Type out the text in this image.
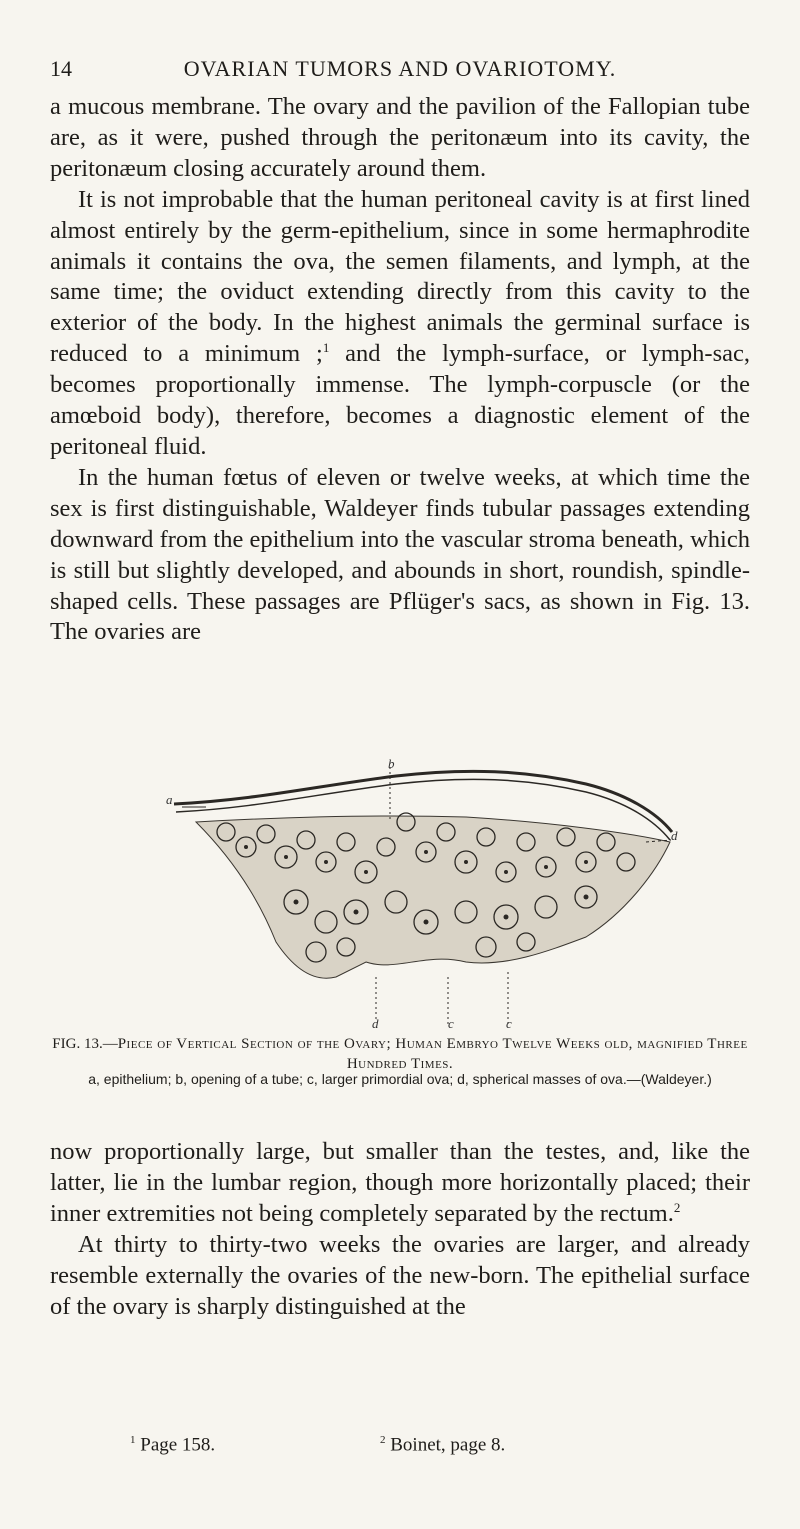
14	OVARIAN TUMORS AND OVARIOTOMY.

a mucous membrane. The ovary and the pavilion of the Fallopian tube are, as it were, pushed through the peritonæum into its cavity, the peritonæum closing accurately around them.

It is not improbable that the human peritoneal cavity is at first lined almost entirely by the germ-epithelium, since in some hermaphrodite animals it contains the ova, the semen filaments, and lymph, at the same time; the oviduct extending directly from this cavity to the exterior of the body. In the highest animals the germinal surface is reduced to a minimum ;$^1$ and the lymph-surface, or lymph-sac, becomes proportionally immense. The lymph-corpuscle (or the amœboid body), therefore, becomes a diagnostic element of the peritoneal fluid.

In the human fœtus of eleven or twelve weeks, at which time the sex is first distinguishable, Waldeyer finds tubular passages extending downward from the epithelium into the vascular stroma beneath, which is still but slightly developed, and abounds in short, roundish, spindle-shaped cells. These passages are Pflüger's sacs, as shown in Fig. 13. The ovaries are

b
a
d
d	c	c
FIG. 13.—Piece of Vertical Section of the Ovary; Human Embryo Twelve Weeks old, magnified Three Hundred Times.
a, epithelium; b, opening of a tube; c, larger primordial ova; d, spherical masses of ova.—(Waldeyer.)

now proportionally large, but smaller than the testes, and, like the latter, lie in the lumbar region, though more horizontally placed; their inner extremities not being completely separated by the rectum.$^2$

At thirty to thirty-two weeks the ovaries are larger, and already resemble externally the ovaries of the new-born. The epithelial surface of the ovary is sharply distinguished at the

$^1$ Page 158.	$^2$ Boinet, page 8.
